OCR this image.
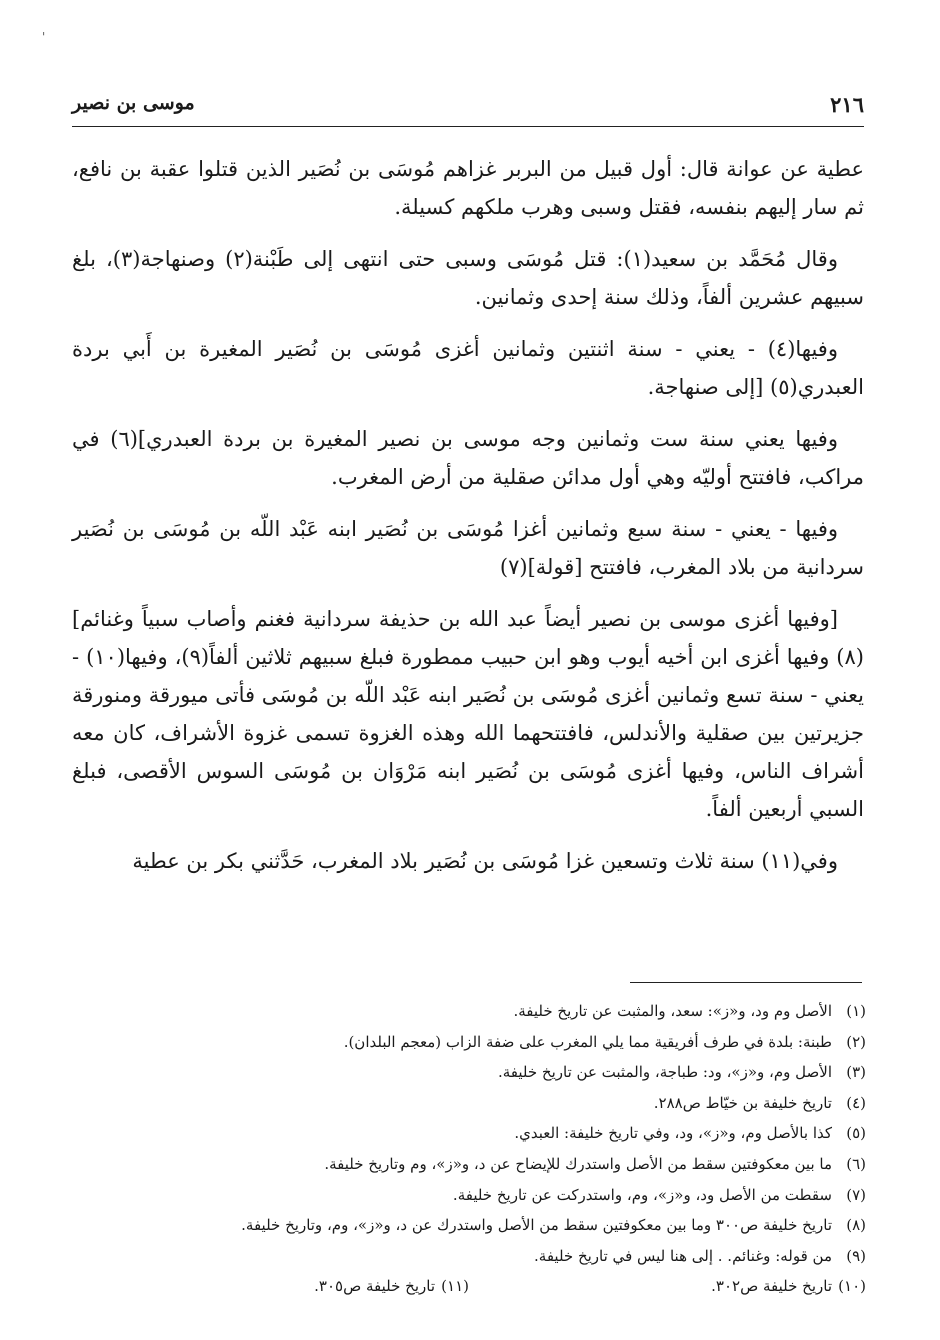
'
٢١٦
موسى بن نصير

عطية عن عوانة قال: أول قبيل من البربر غزاهم مُوسَى بن نُصَير الذين قتلوا عقبة بن نافع، ثم سار إليهم بنفسه، فقتل وسبى وهرب ملكهم كسيلة.

وقال مُحَمَّد بن سعيد(١): قتل مُوسَى وسبى حتى انتهى إلى طَبْنة(٢) وصنهاجة(٣)، بلغ سبيهم عشرين ألفاً، وذلك سنة إحدى وثمانين.

وفيها(٤) - يعني - سنة اثنتين وثمانين أغزى مُوسَى بن نُصَير المغيرة بن أَبي بردة العبدري(٥) [إلى صنهاجة.

وفيها يعني سنة ست وثمانين وجه موسى بن نصير المغيرة بن بردة العبدري](٦) في مراكب، فافتتح أوليّه وهي أول مدائن صقلية من أرض المغرب.

وفيها - يعني - سنة سبع وثمانين أغزا مُوسَى بن نُصَير ابنه عَبْد اللّه بن مُوسَى بن نُصَير سردانية من بلاد المغرب، فافتتح [قولة](٧)

[وفيها أغزى موسى بن نصير أيضاً عبد الله بن حذيفة سردانية فغنم وأصاب سبياً وغنائم](٨) وفيها أغزى ابن أخيه أيوب وهو ابن حبيب ممطورة فبلغ سبيهم ثلاثين ألفاً(٩)، وفيها(١٠) - يعني - سنة تسع وثمانين أغزى مُوسَى بن نُصَير ابنه عَبْد اللّه بن مُوسَى فأتى ميورقة ومنورقة جزيرتين بين صقلية والأندلس، فافتتحهما الله وهذه الغزوة تسمى غزوة الأشراف، كان معه أشراف الناس، وفيها أغزى مُوسَى بن نُصَير ابنه مَرْوَان بن مُوسَى السوس الأقصى، فبلغ السبي أربعين ألفاً.

وفي(١١) سنة ثلاث وتسعين غزا مُوسَى بن نُصَير بلاد المغرب، حَدَّثني بكر بن عطية

(١)الأصل وم ود، و«ز»: سعد، والمثبت عن تاريخ خليفة.
(٢)طبنة: بلدة في طرف أفريقية مما يلي المغرب على ضفة الزاب (معجم البلدان).
(٣)الأصل وم، و«ز»، ود: طباجة، والمثبت عن تاريخ خليفة.
(٤)تاريخ خليفة بن خيّاط ص٢٨٨.
(٥)كذا بالأصل وم، و«ز»، ود، وفي تاريخ خليفة: العبدي.
(٦)ما بين معكوفتين سقط من الأصل واستدرك للإيضاح عن د، و«ز»، وم وتاريخ خليفة.
(٧)سقطت من الأصل ود، و«ز»، وم، واستدركت عن تاريخ خليفة.
(٨)تاريخ خليفة ص٣٠٠ وما بين معكوفتين سقط من الأصل واستدرك عن د، و«ز»، وم، وتاريخ خليفة.
(٩)من قوله: وغنائم. . إلى هنا ليس في تاريخ خليفة.
(١٠)تاريخ خليفة ص٣٠٢.
(١١)تاريخ خليفة ص٣٠٥.
